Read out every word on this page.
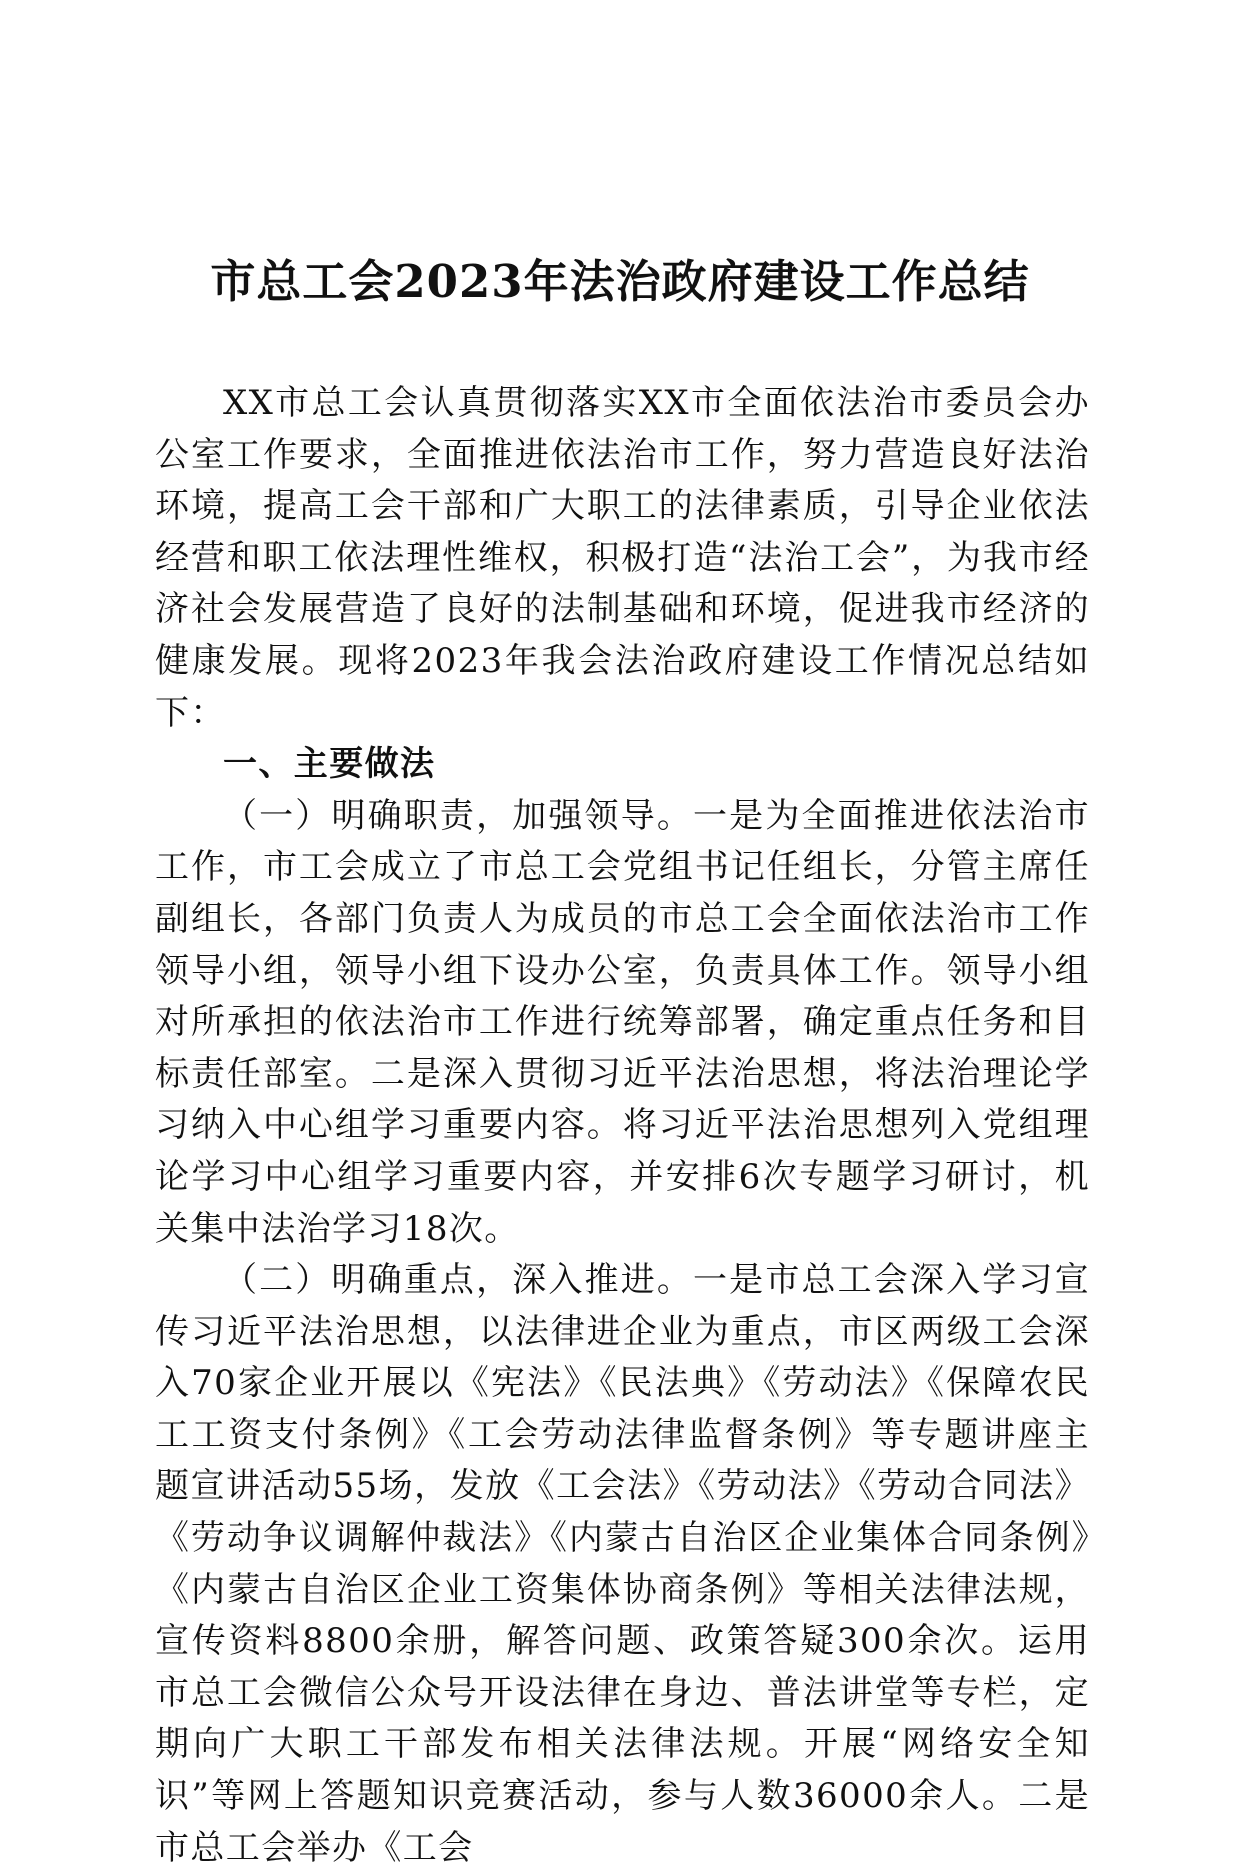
市总工会2023年法治政府建设工作总结

XX市总工会认真贯彻落实XX市全面依法治市委员会办公室工作要求，全面推进依法治市工作，努力营造良好法治环境，提高工会干部和广大职工的法律素质，引导企业依法经营和职工依法理性维权，积极打造“法治工会”，为我市经济社会发展营造了良好的法制基础和环境，促进我市经济的健康发展。现将2023年我会法治政府建设工作情况总结如下：

一、主要做法

（一）明确职责，加强领导。一是为全面推进依法治市工作，市工会成立了市总工会党组书记任组长，分管主席任副组长，各部门负责人为成员的市总工会全面依法治市工作领导小组，领导小组下设办公室，负责具体工作。领导小组对所承担的依法治市工作进行统筹部署，确定重点任务和目标责任部室。二是深入贯彻习近平法治思想，将法治理论学习纳入中心组学习重要内容。将习近平法治思想列入党组理论学习中心组学习重要内容，并安排6次专题学习研讨，机关集中法治学习18次。

（二）明确重点，深入推进。一是市总工会深入学习宣传习近平法治思想，以法律进企业为重点，市区两级工会深入70家企业开展以《宪法》《民法典》《劳动法》《保障农民工工资支付条例》《工会劳动法律监督条例》等专题讲座主题宣讲活动55场，发放《工会法》《劳动法》《劳动合同法》《劳动争议调解仲裁法》《内蒙古自治区企业集体合同条例》《内蒙古自治区企业工资集体协商条例》等相关法律法规，宣传资料8800余册，解答问题、政策答疑300余次。运用市总工会微信公众号开设法律在身边、普法讲堂等专栏，定期向广大职工干部发布相关法律法规。开展“网络安全知识”等网上答题知识竞赛活动，参与人数36000余人。二是市总工会举办《工会
